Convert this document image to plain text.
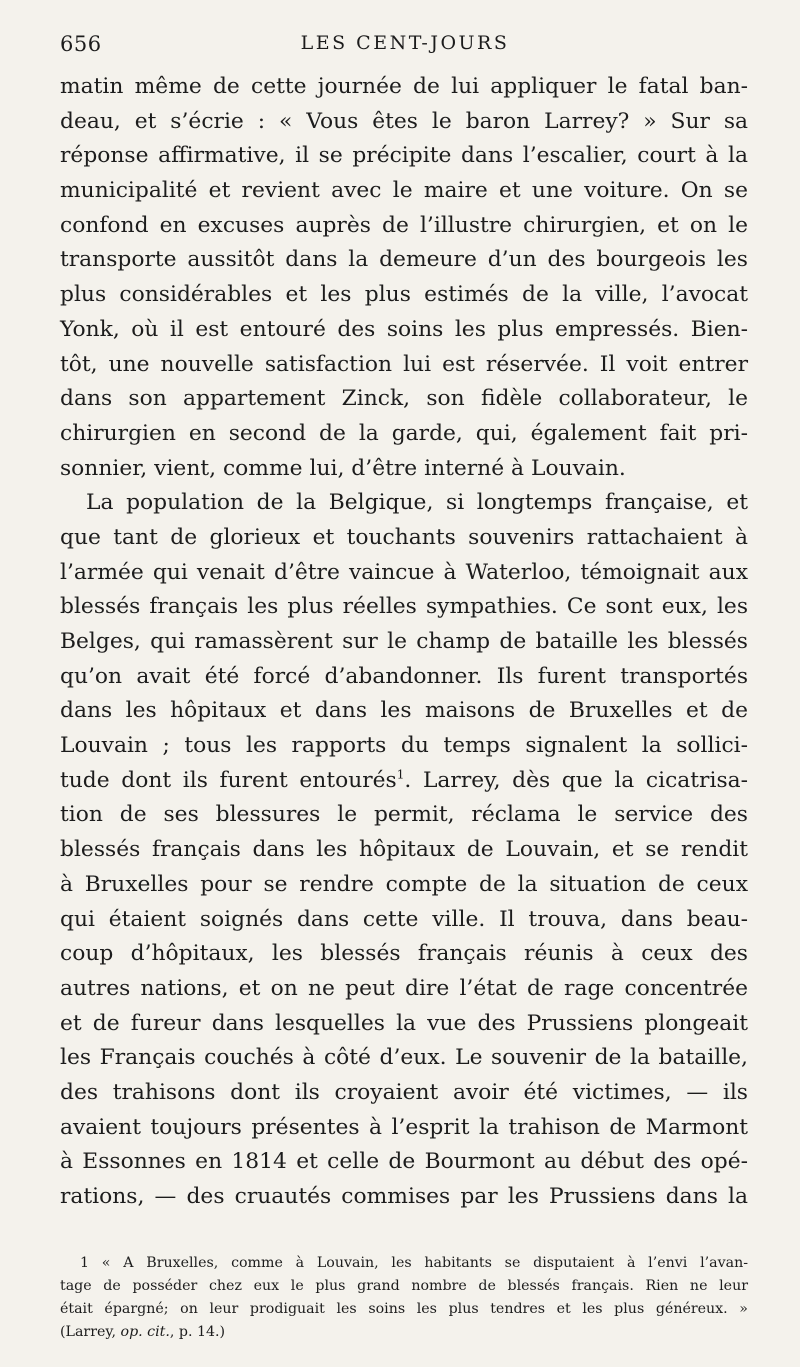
656	LES CENT-JOURS
matin même de cette journée de lui appliquer le fatal ban-
deau, et s’écrie : « Vous êtes le baron Larrey? » Sur sa
réponse affirmative, il se précipite dans l’escalier, court à la
municipalité et revient avec le maire et une voiture. On se
confond en excuses auprès de l’illustre chirurgien, et on le
transporte aussitôt dans la demeure d’un des bourgeois les
plus considérables et les plus estimés de la ville, l’avocat
Yonk, où il est entouré des soins les plus empressés. Bien-
tôt, une nouvelle satisfaction lui est réservée. Il voit entrer
dans son appartement Zinck, son fidèle collaborateur, le
chirurgien en second de la garde, qui, également fait pri-
sonnier, vient, comme lui, d’être interné à Louvain.
La population de la Belgique, si longtemps française, et
que tant de glorieux et touchants souvenirs rattachaient à
l’armée qui venait d’être vaincue à Waterloo, témoignait aux
blessés français les plus réelles sympathies. Ce sont eux, les
Belges, qui ramassèrent sur le champ de bataille les blessés
qu’on avait été forcé d’abandonner. Ils furent transportés
dans les hôpitaux et dans les maisons de Bruxelles et de
Louvain ; tous les rapports du temps signalent la sollici-
tude dont ils furent entourés$^1$. Larrey, dès que la cicatrisa-
tion de ses blessures le permit, réclama le service des
blessés français dans les hôpitaux de Louvain, et se rendit
à Bruxelles pour se rendre compte de la situation de ceux
qui étaient soignés dans cette ville. Il trouva, dans beau-
coup d’hôpitaux, les blessés français réunis à ceux des
autres nations, et on ne peut dire l’état de rage concentrée
et de fureur dans lesquelles la vue des Prussiens plongeait
les Français couchés à côté d’eux. Le souvenir de la bataille,
des trahisons dont ils croyaient avoir été victimes, — ils
avaient toujours présentes à l’esprit la trahison de Marmont
à Essonnes en 1814 et celle de Bourmont au début des opé-
rations, — des cruautés commises par les Prussiens dans la
1 « A Bruxelles, comme à Louvain, les habitants se disputaient à l’envi l’avan-
tage de posséder chez eux le plus grand nombre de blessés français. Rien ne leur
était épargné; on leur prodiguait les soins les plus tendres et les plus généreux. »
(Larrey, op. cit., p. 14.)
